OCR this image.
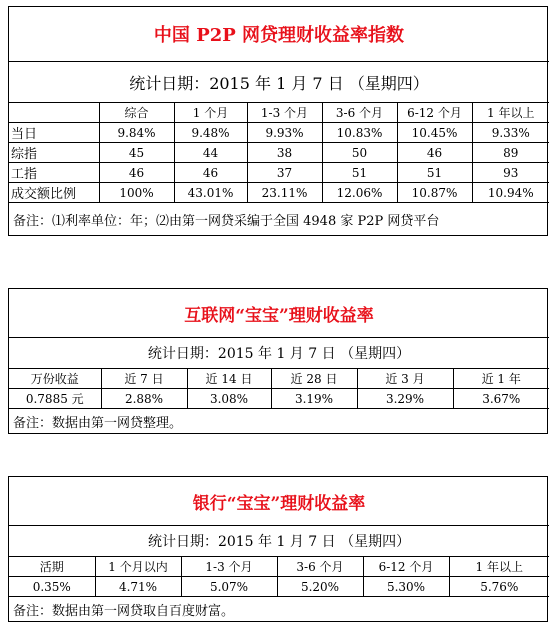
中国 P2P 网贷理财收益率指数						
统计日期：2015 年 1 月 7 日 （星期四）						
	综合	1 个月	1-3 个月	3-6 个月	6-12 个月	1 年以上
当日	9.84%	9.48%	9.93%	10.83%	10.45%	9.33%
综指	45	44	38	50	46	89
工指	46	46	37	51	51	93
成交额比例	100%	43.01%	23.11%	12.06%	10.87%	10.94%
备注：⑴利率单位：年；⑵由第一网贷采编于全国 4948 家 P2P 网贷平台						
互联网“宝宝”理财收益率					
统计日期：2015 年 1 月 7 日 （星期四）					
万份收益	近 7 日	近 14 日	近 28 日	近 3 月	近 1 年
0.7885 元	2.88%	3.08%	3.19%	3.29%	3.67%
备注：数据由第一网贷整理。					
银行“宝宝”理财收益率					
统计日期：2015 年 1 月 7 日 （星期四）					
活期	1 个月以内	1-3 个月	3-6 个月	6-12 个月	1 年以上
0.35%	4.71%	5.07%	5.20%	5.30%	5.76%
备注：数据由第一网贷取自百度财富。					
